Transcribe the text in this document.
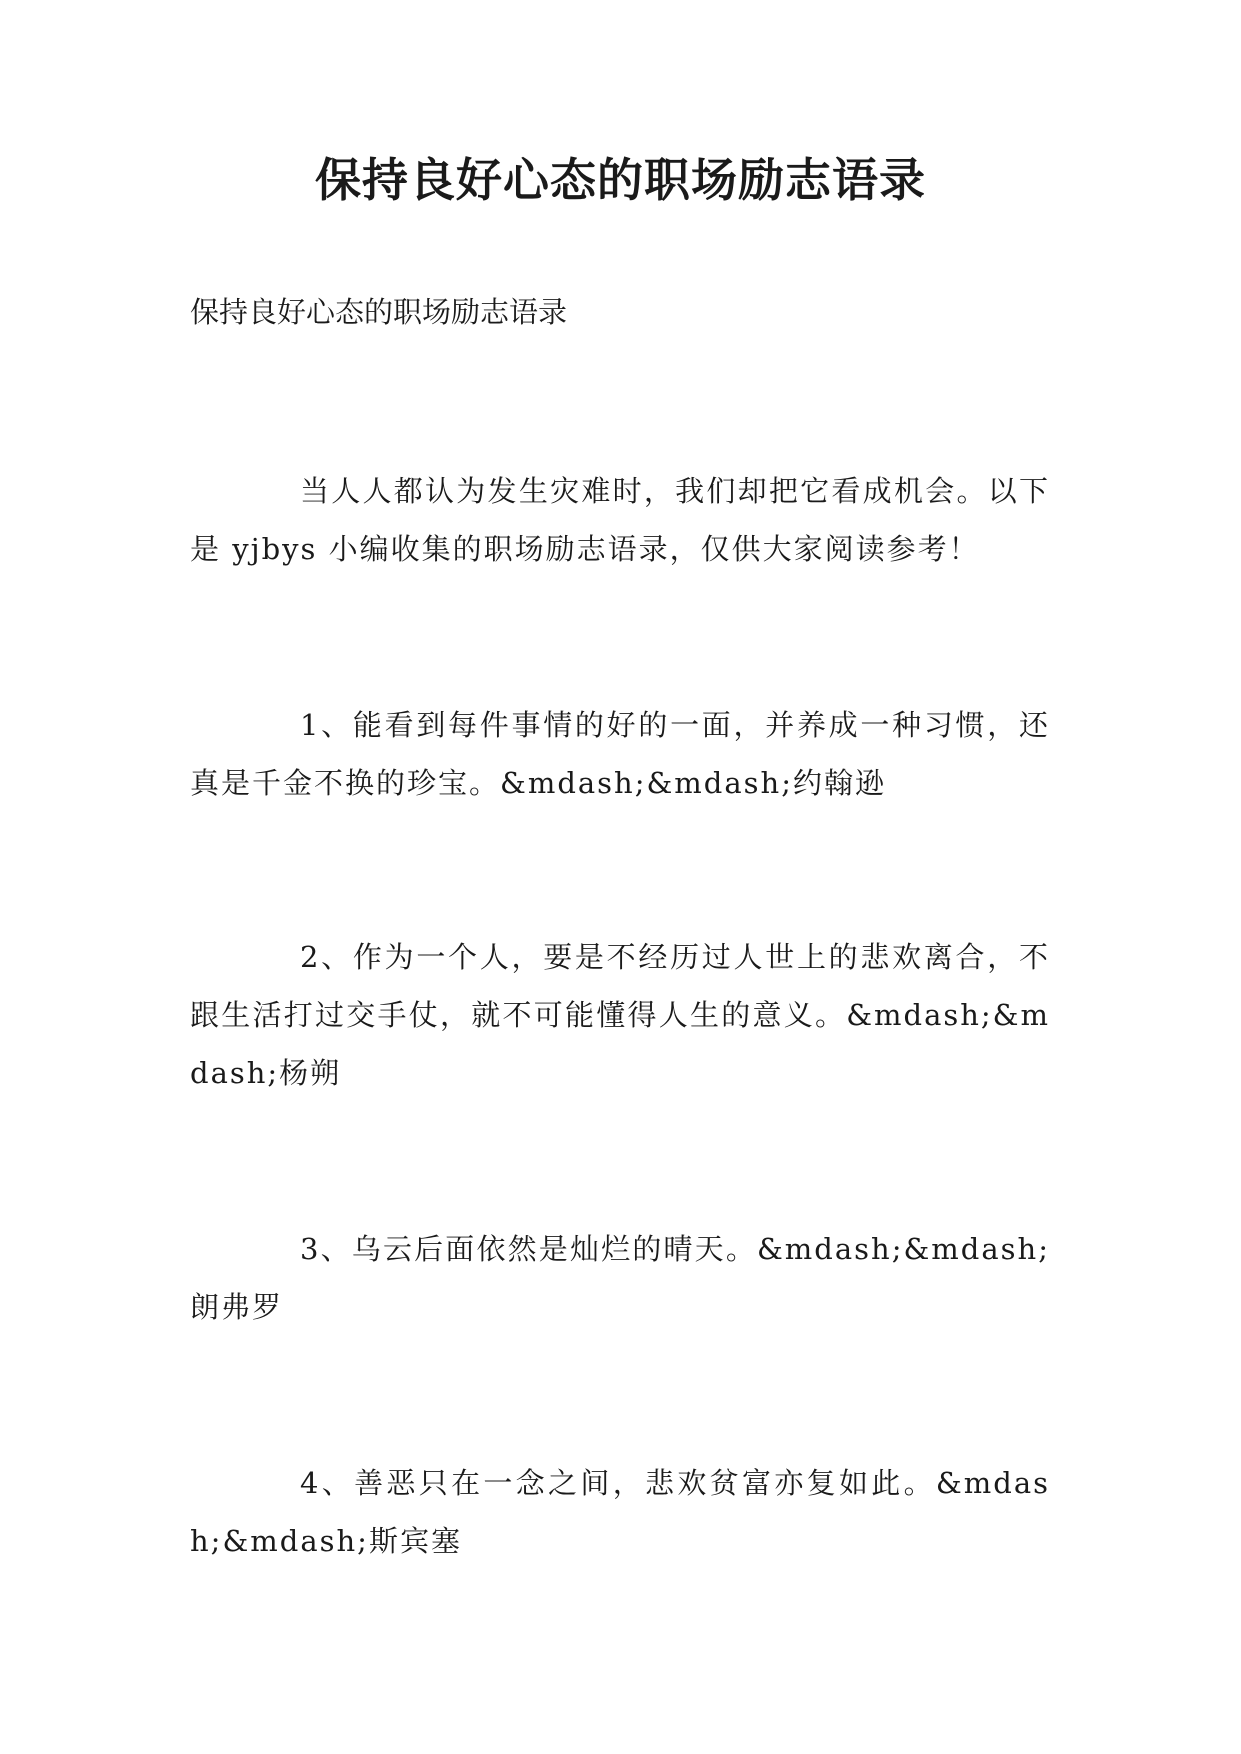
保持良好心态的职场励志语录

保持良好心态的职场励志语录

当人人都认为发生灾难时，我们却把它看成机会。以下是 yjbys 小编收集的职场励志语录，仅供大家阅读参考！

1、能看到每件事情的好的一面，并养成一种习惯，还真是千金不换的珍宝。&mdash;&mdash;约翰逊

2、作为一个人，要是不经历过人世上的悲欢离合，不跟生活打过交手仗，就不可能懂得人生的意义。&mdash;&mdash;杨朔

3、乌云后面依然是灿烂的晴天。&mdash;&mdash;朗弗罗

4、善恶只在一念之间，悲欢贫富亦复如此。&mdash;&mdash;斯宾塞
